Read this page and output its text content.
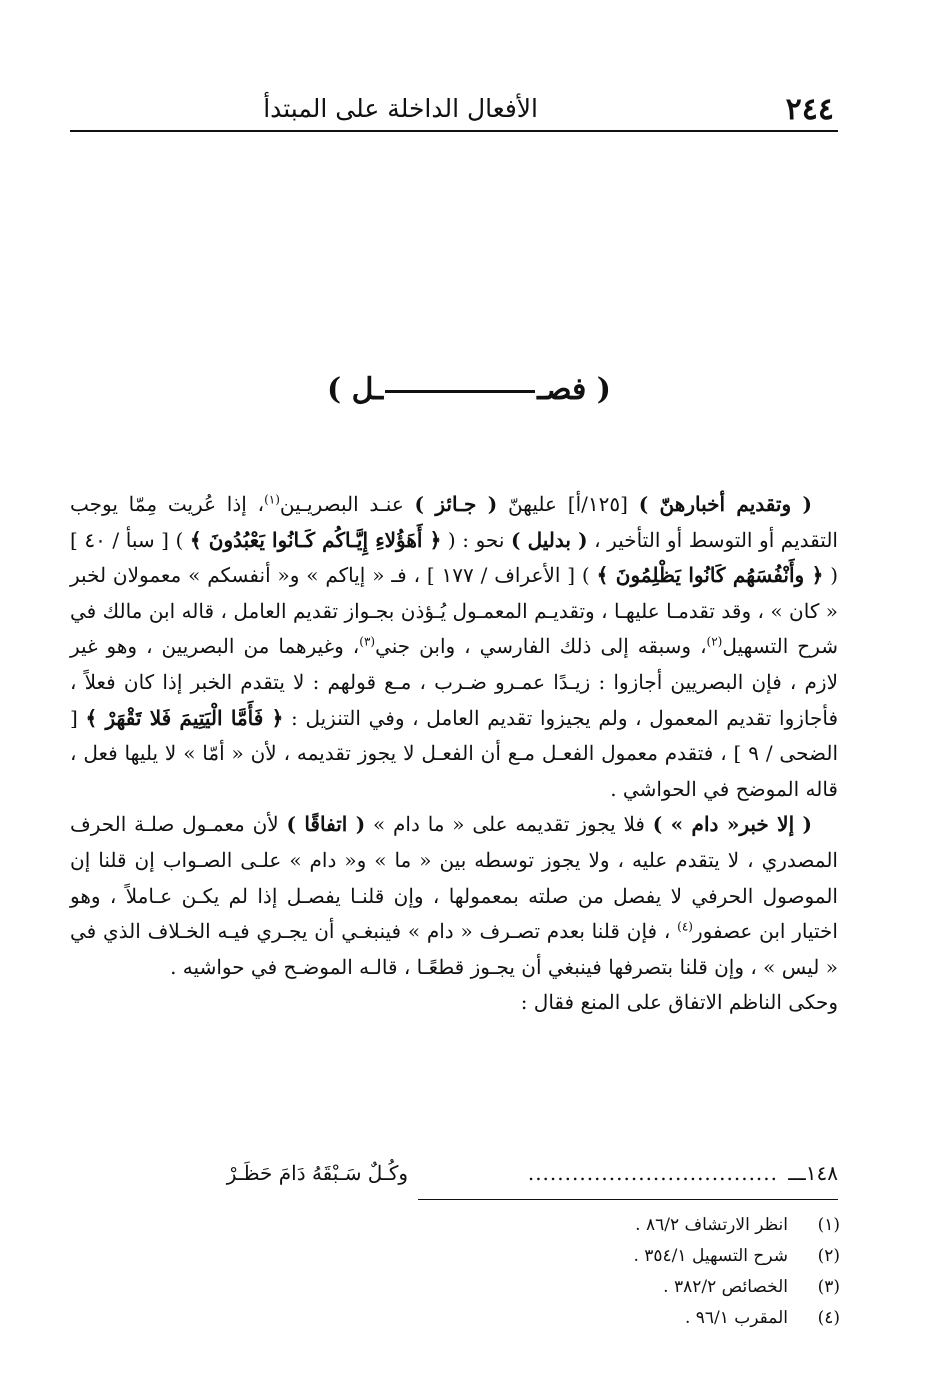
٢٤٤
الأفعال الداخلة على المبتدأ
( فصــل )

( وتقديم أخبارهنّ ) [١٢٥/أ] عليهنّ ( جـائز ) عنـد البصريـين$^{(١)}$، إذا عُريت مِمّا يوجب التقديم أو التوسط أو التأخير ، ( بدليل ) نحو : ( ﴿ أَهَؤُلاءِ إِيَّـاكُم كَـانُوا يَعْبُدُونَ ﴾ ) [ سبأ / ٤٠ ] ( ﴿ وأَنْفُسَهُم كَانُوا يَظْلِمُونَ ﴾ ) [ الأعراف / ١٧٧ ] ، فـ « إياكم » و« أنفسكم » معمولان لخبر « كان » ، وقد تقدمـا عليهـا ، وتقديـم المعمـول يُـؤذن بجـواز تقديم العامل ، قاله ابن مالك في شرح التسهيل$^{(٢)}$، وسبقه إلى ذلك الفارسي ، وابن جني$^{(٣)}$، وغيرهما من البصريين ، وهو غير لازم ، فإن البصريين أجازوا : زيـدًا عمـرو ضـرب ، مـع قولهم : لا يتقدم الخبر إذا كان فعلاً ، فأجازوا تقديم المعمول ، ولم يجيزوا تقديم العامل ، وفي التنزيل : ﴿ فَأَمَّا الْيَتِيمَ فَلا تَقْهَرْ ﴾ [ الضحى / ٩ ] ، فتقدم معمول الفعـل مـع أن الفعـل لا يجوز تقديمه ، لأن « أمّا » لا يليها فعل ، قاله الموضح في الحواشي .

( إلا خبر« دام » ) فلا يجوز تقديمه على « ما دام » ( اتفاقًا ) لأن معمـول صلـة الحرف المصدري ، لا يتقدم عليه ، ولا يجوز توسطه بين « ما » و« دام » علـى الصـواب إن قلنا إن الموصول الحرفي لا يفصل من صلته بمعمولها ، وإن قلنـا يفصـل إذا لم يكـن عـاملاً ، وهو اختيار ابن عصفور$^{(٤)}$ ، فإن قلنا بعدم تصـرف « دام » فينبغـي أن يجـري فيـه الخـلاف الذي في « ليس » ، وإن قلنا بتصرفها فينبغي أن يجـوز قطعًـا ، قالـه الموضـح في حواشيه .

وحكى الناظم الاتفاق على المنع فقال :

١٤٨ـــ
..................................
وكُـلٌ سَـبْقَهُ دَامَ حَظَـرْ
(١)انظر الارتشاف ٨٦/٢ .
(٢)شرح التسهيل ٣٥٤/١ .
(٣)الخصائص ٣٨٢/٢ .
(٤)المقرب ٩٦/١ .
